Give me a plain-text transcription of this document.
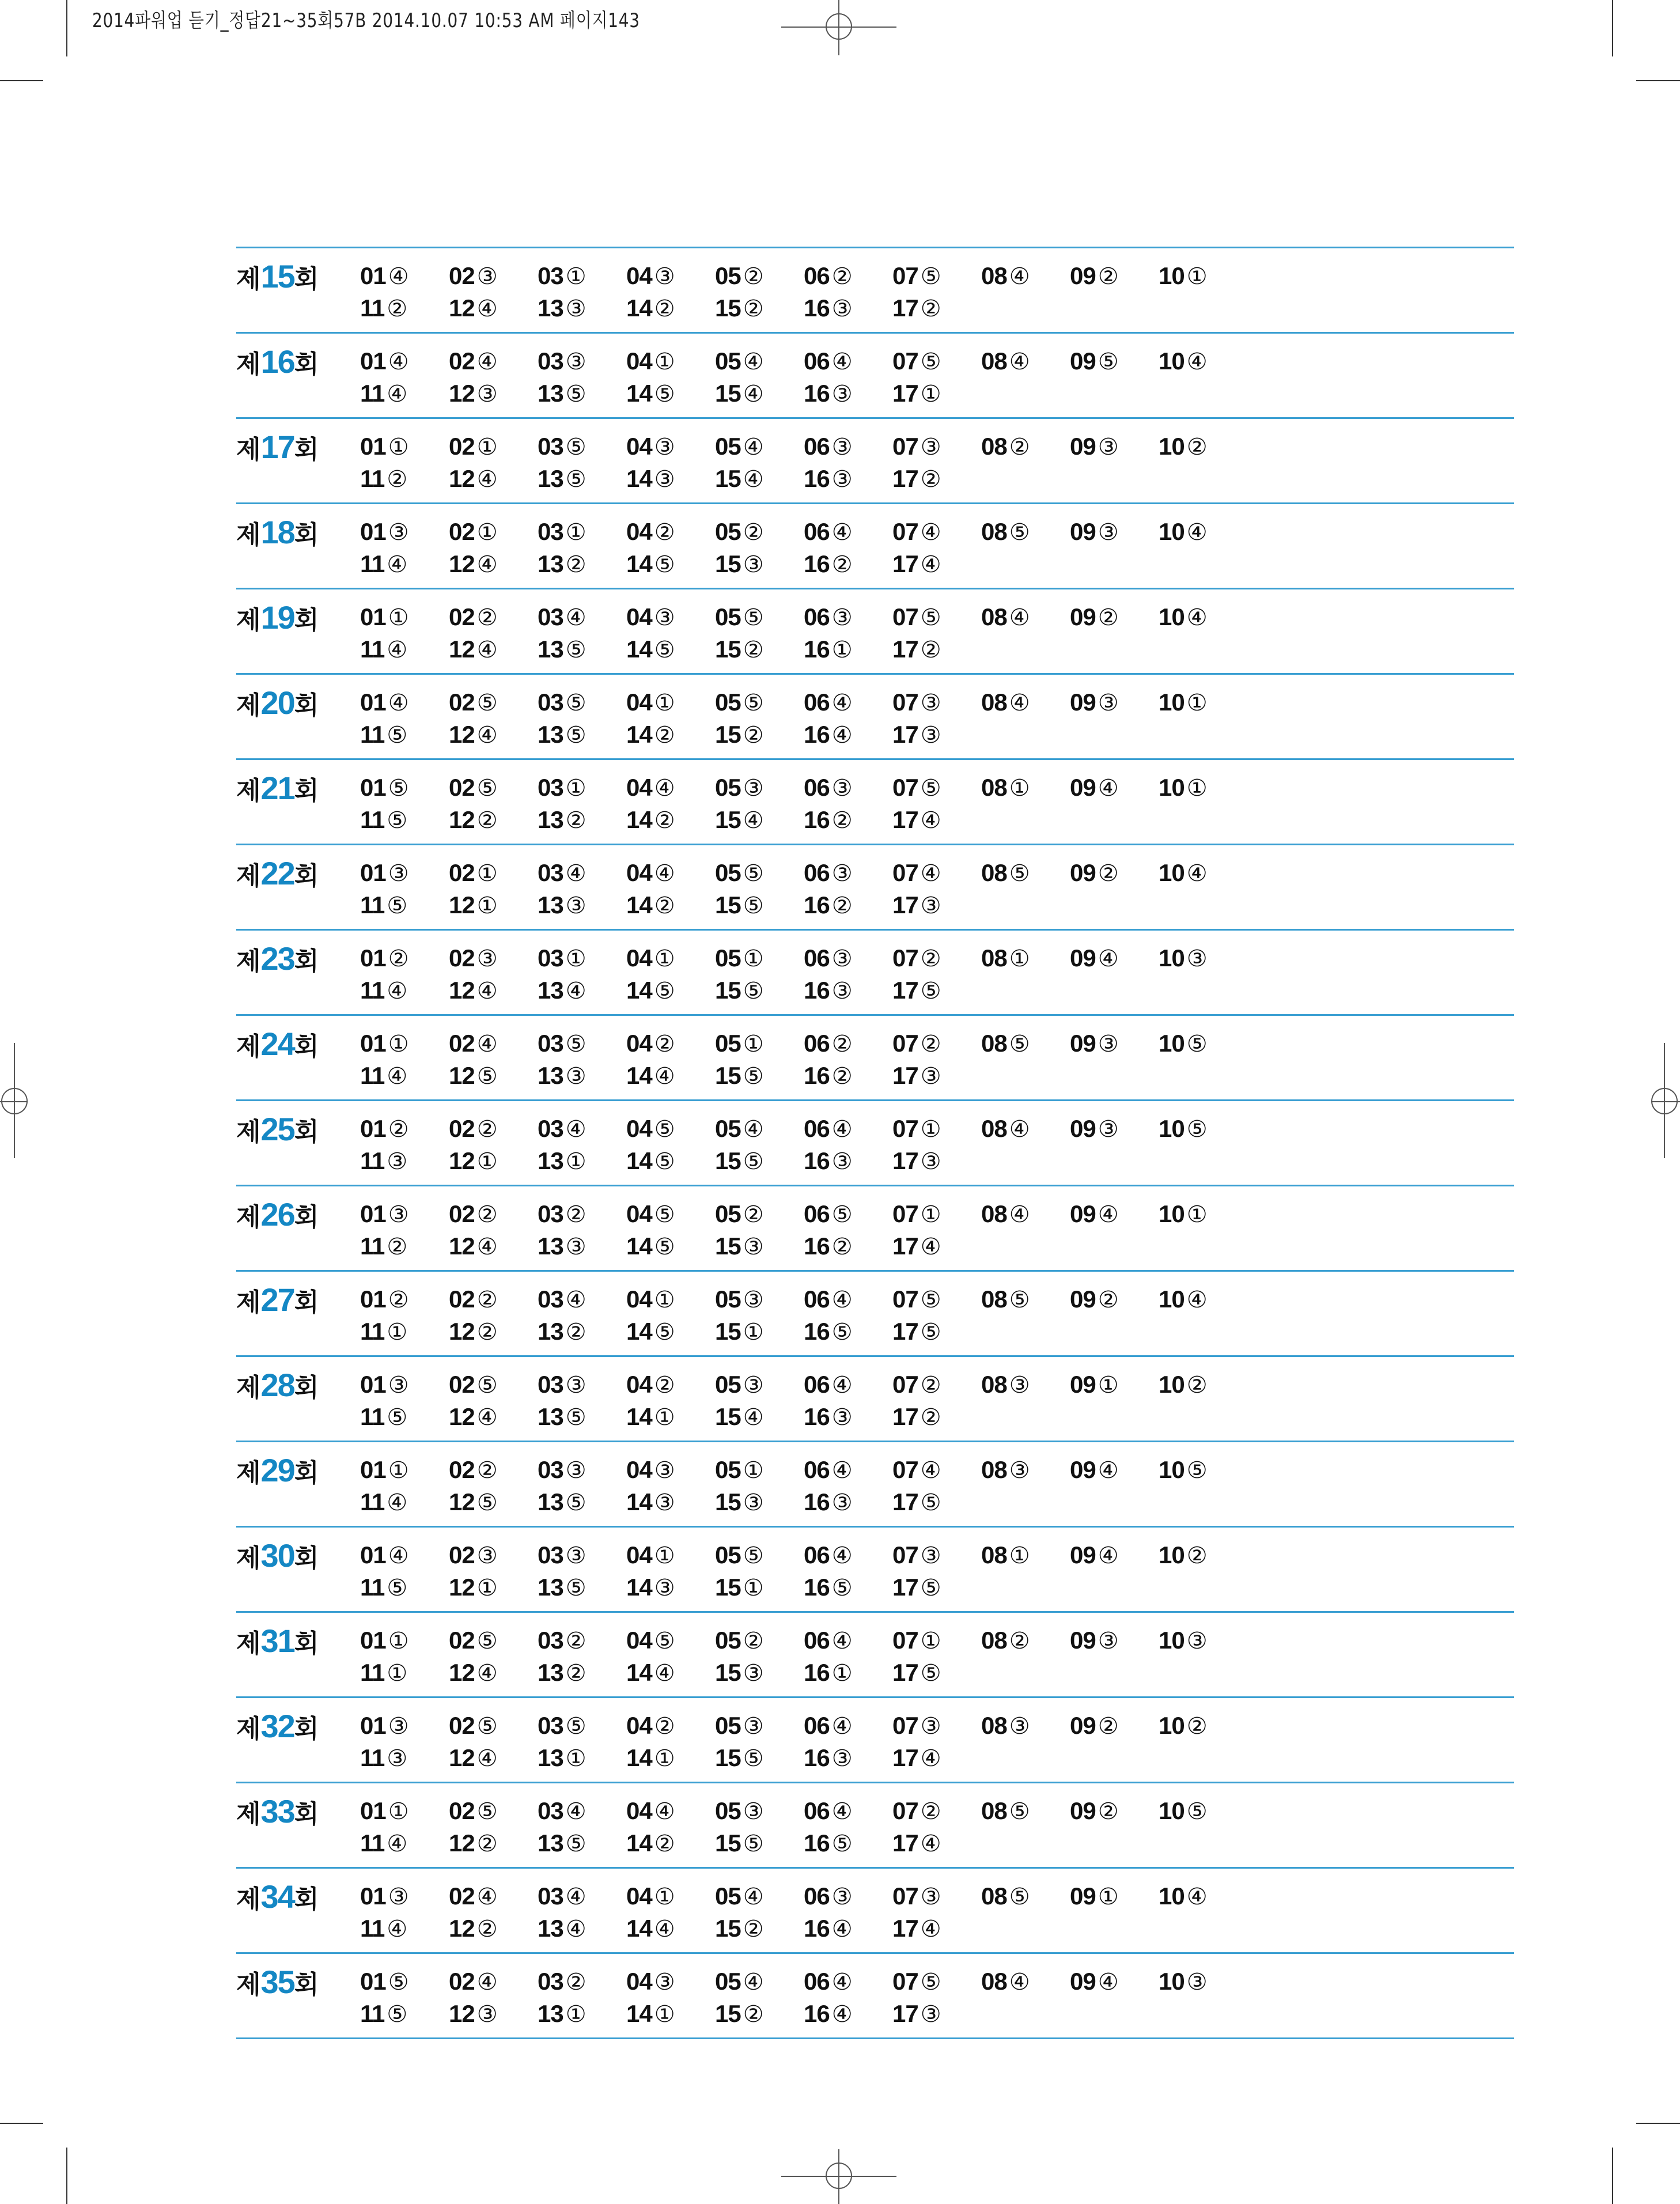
2014파워업 듣기_정답21~35회57B 2014.10.07 10:53 AM 페이지143
제15회 01 ④ 02 ③ 03 ① 04 ③ 05 ② 06 ② 07 ⑤ 08 ④ 09 ② 10 ①
11 ② 12 ④ 13 ③ 14 ② 15 ② 16 ③ 17 ②
제16회 01 ④ 02 ④ 03 ③ 04 ① 05 ④ 06 ④ 07 ⑤ 08 ④ 09 ⑤ 10 ④
11 ④ 12 ③ 13 ⑤ 14 ⑤ 15 ④ 16 ③ 17 ①
제17회 01 ① 02 ① 03 ⑤ 04 ③ 05 ④ 06 ③ 07 ③ 08 ② 09 ③ 10 ②
11 ② 12 ④ 13 ⑤ 14 ③ 15 ④ 16 ③ 17 ②
제18회 01 ③ 02 ① 03 ① 04 ② 05 ② 06 ④ 07 ④ 08 ⑤ 09 ③ 10 ④
11 ④ 12 ④ 13 ② 14 ⑤ 15 ③ 16 ② 17 ④
제19회 01 ① 02 ② 03 ④ 04 ③ 05 ⑤ 06 ③ 07 ⑤ 08 ④ 09 ② 10 ④
11 ④ 12 ④ 13 ⑤ 14 ⑤ 15 ② 16 ① 17 ②
제20회 01 ④ 02 ⑤ 03 ⑤ 04 ① 05 ⑤ 06 ④ 07 ③ 08 ④ 09 ③ 10 ①
11 ⑤ 12 ④ 13 ⑤ 14 ② 15 ② 16 ④ 17 ③
제21회 01 ⑤ 02 ⑤ 03 ① 04 ④ 05 ③ 06 ③ 07 ⑤ 08 ① 09 ④ 10 ①
11 ⑤ 12 ② 13 ② 14 ② 15 ④ 16 ② 17 ④
제22회 01 ③ 02 ① 03 ④ 04 ④ 05 ⑤ 06 ③ 07 ④ 08 ⑤ 09 ② 10 ④
11 ⑤ 12 ① 13 ③ 14 ② 15 ⑤ 16 ② 17 ③
제23회 01 ② 02 ③ 03 ① 04 ① 05 ① 06 ③ 07 ② 08 ① 09 ④ 10 ③
11 ④ 12 ④ 13 ④ 14 ⑤ 15 ⑤ 16 ③ 17 ⑤
제24회 01 ① 02 ④ 03 ⑤ 04 ② 05 ① 06 ② 07 ② 08 ⑤ 09 ③ 10 ⑤
11 ④ 12 ⑤ 13 ③ 14 ④ 15 ⑤ 16 ② 17 ③
제25회 01 ② 02 ② 03 ④ 04 ⑤ 05 ④ 06 ④ 07 ① 08 ④ 09 ③ 10 ⑤
11 ③ 12 ① 13 ① 14 ⑤ 15 ⑤ 16 ③ 17 ③
제26회 01 ③ 02 ② 03 ② 04 ⑤ 05 ② 06 ⑤ 07 ① 08 ④ 09 ④ 10 ①
11 ② 12 ④ 13 ③ 14 ⑤ 15 ③ 16 ② 17 ④
제27회 01 ② 02 ② 03 ④ 04 ① 05 ③ 06 ④ 07 ⑤ 08 ⑤ 09 ② 10 ④
11 ① 12 ② 13 ② 14 ⑤ 15 ① 16 ⑤ 17 ⑤
제28회 01 ③ 02 ⑤ 03 ③ 04 ② 05 ③ 06 ④ 07 ② 08 ③ 09 ① 10 ②
11 ⑤ 12 ④ 13 ⑤ 14 ① 15 ④ 16 ③ 17 ②
제29회 01 ① 02 ② 03 ③ 04 ③ 05 ① 06 ④ 07 ④ 08 ③ 09 ④ 10 ⑤
11 ④ 12 ⑤ 13 ⑤ 14 ③ 15 ③ 16 ③ 17 ⑤
제30회 01 ④ 02 ③ 03 ③ 04 ① 05 ⑤ 06 ④ 07 ③ 08 ① 09 ④ 10 ②
11 ⑤ 12 ① 13 ⑤ 14 ③ 15 ① 16 ⑤ 17 ⑤
제31회 01 ① 02 ⑤ 03 ② 04 ⑤ 05 ② 06 ④ 07 ① 08 ② 09 ③ 10 ③
11 ① 12 ④ 13 ② 14 ④ 15 ③ 16 ① 17 ⑤
제32회 01 ③ 02 ⑤ 03 ⑤ 04 ② 05 ③ 06 ④ 07 ③ 08 ③ 09 ② 10 ②
11 ③ 12 ④ 13 ① 14 ① 15 ⑤ 16 ③ 17 ④
제33회 01 ① 02 ⑤ 03 ④ 04 ④ 05 ③ 06 ④ 07 ② 08 ⑤ 09 ② 10 ⑤
11 ④ 12 ② 13 ⑤ 14 ② 15 ⑤ 16 ⑤ 17 ④
제34회 01 ③ 02 ④ 03 ④ 04 ① 05 ④ 06 ③ 07 ③ 08 ⑤ 09 ① 10 ④
11 ④ 12 ② 13 ④ 14 ④ 15 ② 16 ④ 17 ④
제35회 01 ⑤ 02 ④ 03 ② 04 ③ 05 ④ 06 ④ 07 ⑤ 08 ④ 09 ④ 10 ③
11 ⑤ 12 ③ 13 ① 14 ① 15 ② 16 ④ 17 ③
